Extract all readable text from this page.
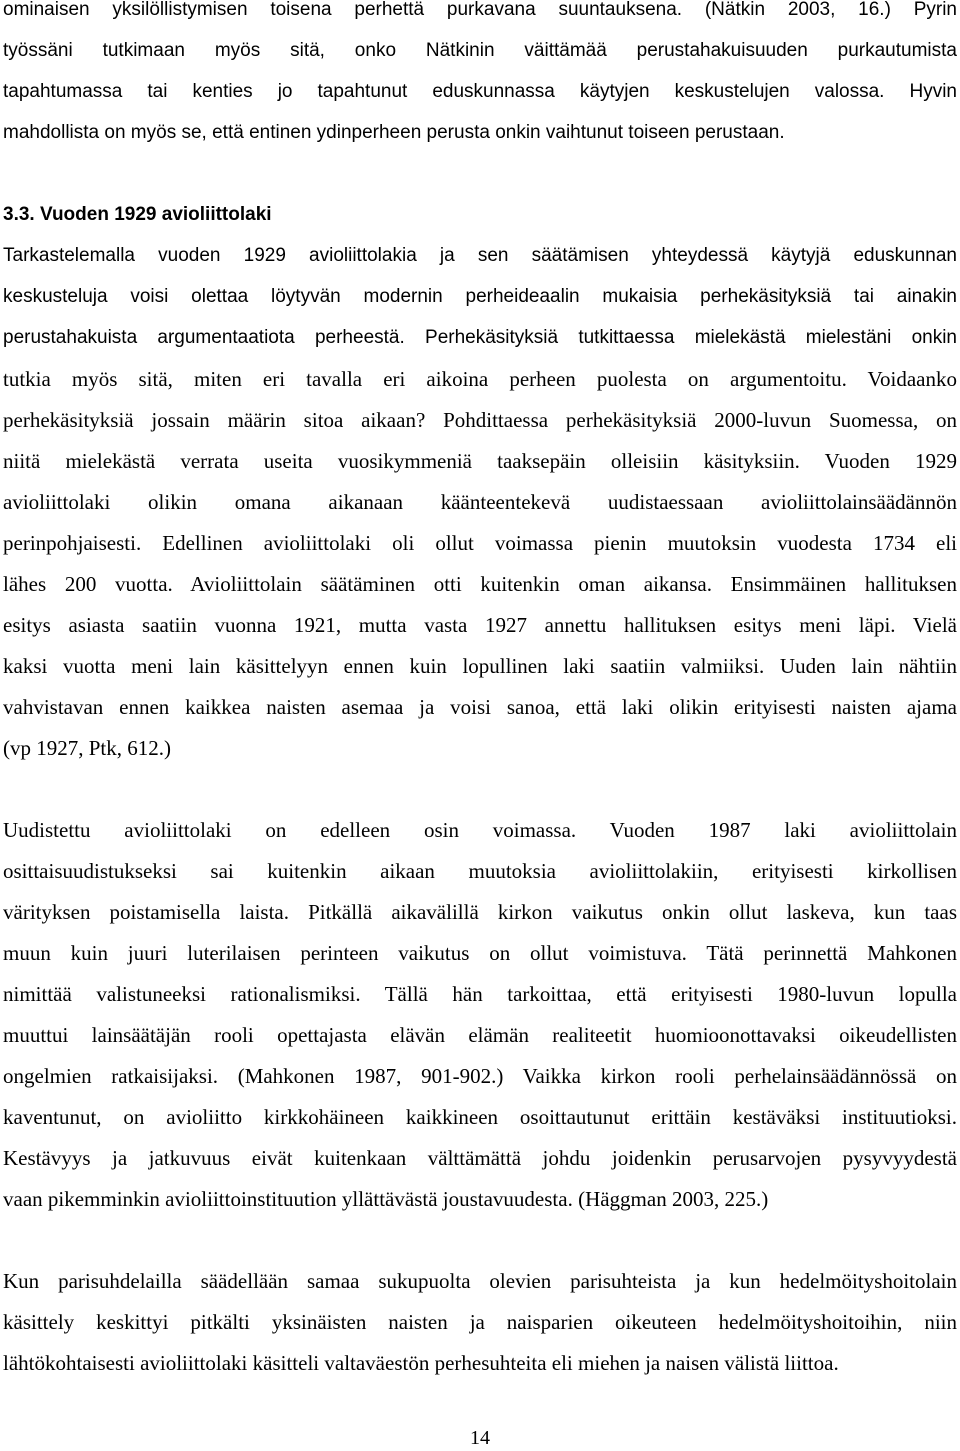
ominaisen yksilöllistymisen toisena perhettä purkavana suuntauksena. (Nätkin 2003, 16.) Pyrin
työssäni tutkimaan myös sitä, onko Nätkinin väittämää perustahakuisuuden purkautumista
tapahtumassa tai kenties jo tapahtunut eduskunnassa käytyjen keskustelujen valossa. Hyvin
mahdollista on myös se, että entinen ydinperheen perusta onkin vaihtunut toiseen perustaan.
3.3. Vuoden 1929 avioliittolaki
Tarkastelemalla vuoden 1929 avioliittolakia ja sen säätämisen yhteydessä käytyjä eduskunnan
keskusteluja voisi olettaa löytyvän modernin perheideaalin mukaisia perhekäsityksiä tai ainakin
perustahakuista argumentaatiota perheestä. Perhekäsityksiä tutkittaessa mielekästä mielestäni onkin
tutkia myös sitä, miten eri tavalla eri aikoina perheen puolesta on argumentoitu. Voidaanko
perhekäsityksiä jossain määrin sitoa aikaan? Pohdittaessa perhekäsityksiä 2000-luvun Suomessa, on
niitä mielekästä verrata useita vuosikymmeniä taaksepäin olleisiin käsityksiin. Vuoden 1929
avioliittolaki olikin omana aikanaan käänteentekevä uudistaessaan avioliittolainsäädännön
perinpohjaisesti. Edellinen avioliittolaki oli ollut voimassa pienin muutoksin vuodesta 1734 eli
lähes 200 vuotta. Avioliittolain säätäminen otti kuitenkin oman aikansa. Ensimmäinen hallituksen
esitys asiasta saatiin vuonna 1921, mutta vasta 1927 annettu hallituksen esitys meni läpi. Vielä
kaksi vuotta meni lain käsittelyyn ennen kuin lopullinen laki saatiin valmiiksi. Uuden lain nähtiin
vahvistavan ennen kaikkea naisten asemaa ja voisi sanoa, että laki olikin erityisesti naisten ajama
(vp 1927, Ptk, 612.)
Uudistettu avioliittolaki on edelleen osin voimassa. Vuoden 1987 laki avioliittolain
osittaisuudistukseksi sai kuitenkin aikaan muutoksia avioliittolakiin, erityisesti kirkollisen
värityksen poistamisella laista. Pitkällä aikavälillä kirkon vaikutus onkin ollut laskeva, kun taas
muun kuin juuri luterilaisen perinteen vaikutus on ollut voimistuva. Tätä perinnettä Mahkonen
nimittää valistuneeksi rationalismiksi. Tällä hän tarkoittaa, että erityisesti 1980-luvun lopulla
muuttui lainsäätäjän rooli opettajasta elävän elämän realiteetit huomioonottavaksi oikeudellisten
ongelmien ratkaisijaksi. (Mahkonen 1987, 901-902.) Vaikka kirkon rooli perhelainsäädännössä on
kaventunut, on avioliitto kirkkohäineen kaikkineen osoittautunut erittäin kestäväksi instituutioksi.
Kestävyys ja jatkuvuus eivät kuitenkaan välttämättä johdu joidenkin perusarvojen pysyvyydestä
vaan pikemminkin avioliittoinstituution yllättävästä joustavuudesta. (Häggman 2003, 225.)
Kun parisuhdelailla säädellään samaa sukupuolta olevien parisuhteista ja kun hedelmöityshoitolain
käsittely keskittyi pitkälti yksinäisten naisten ja naisparien oikeuteen hedelmöityshoitoihin, niin
lähtökohtaisesti avioliittolaki käsitteli valtaväestön perhesuhteita eli miehen ja naisen välistä liittoa.
14
